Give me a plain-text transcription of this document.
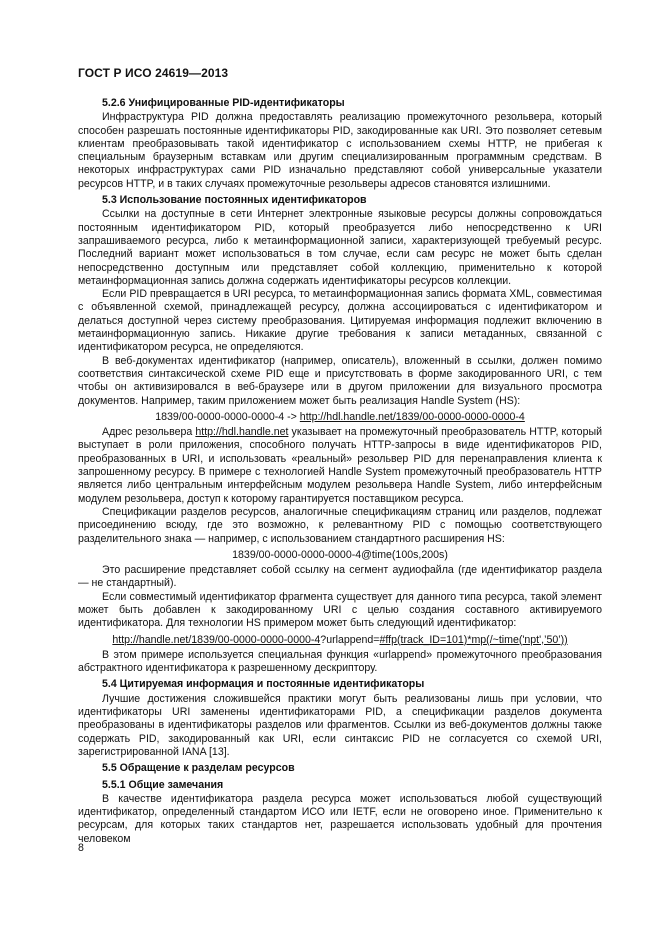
ГОСТ Р ИСО 24619—2013
5.2.6 Унифицированные PID-идентификаторы

Инфраструктура PID должна предоставлять реализацию промежуточного резольвера, который способен разрешать постоянные идентификаторы PID, закодированные как URI. Это позволяет сетевым клиентам преобразовывать такой идентификатор с использованием схемы HTTP, не прибегая к специальным браузерным вставкам или другим специализированным программным средствам. В некоторых инфраструктурах сами PID изначально представляют собой универсальные указатели ресурсов HTTP, и в таких случаях промежуточные резольверы адресов становятся излишними.

5.3 Использование постоянных идентификаторов

Ссылки на доступные в сети Интернет электронные языковые ресурсы должны сопровождаться постоянным идентификатором PID, который преобразуется либо непосредственно к URI запрашиваемого ресурса, либо к метаинформационной записи, характеризующей требуемый ресурс. Последний вариант может использоваться в том случае, если сам ресурс не может быть сделан непосредственно доступным или представляет собой коллекцию, применительно к которой метаинформационная запись должна содержать идентификаторы ресурсов коллекции.

Если PID превращается в URI ресурса, то метаинформационная запись формата XML, совместимая с объявленной схемой, принадлежащей ресурсу, должна ассоциироваться с идентификатором и делаться доступной через систему преобразования. Цитируемая информация подлежит включению в метаинформационную запись. Никакие другие требования к записи метаданных, связанной с идентификатором ресурса, не определяются.

В веб-документах идентификатор (например, описатель), вложенный в ссылки, должен помимо соответствия синтаксической схеме PID еще и присутствовать в форме закодированного URI, с тем чтобы он активизировался в веб-браузере или в другом приложении для визуального просмотра документов. Например, таким приложением может быть реализация Handle System (HS):

1839/00-0000-0000-0000-4 -> http://hdl.handle.net/1839/00-0000-0000-0000-4

Адрес резольвера http://hdl.handle.net указывает на промежуточный преобразователь HTTP, который выступает в роли приложения, способного получать HTTP-запросы в виде идентификаторов PID, преобразованных в URI, и использовать «реальный» резольвер PID для перенаправления клиента к запрошенному ресурсу. В примере с технологией Handle System промежуточный преобразователь HTTP является либо центральным интерфейсным модулем резольвера Handle System, либо интерфейсным модулем резольвера, доступ к которому гарантируется поставщиком ресурса.

Спецификации разделов ресурсов, аналогичные спецификациям страниц или разделов, подлежат присоединению всюду, где это возможно, к релевантному PID с помощью соответствующего разделительного знака — например, с использованием стандартного расширения HS:

1839/00-0000-0000-0000-4@time(100s,200s)

Это расширение представляет собой ссылку на сегмент аудиофайла (где идентификатор раздела — не стандартный).

Если совместимый идентификатор фрагмента существует для данного типа ресурса, такой элемент может быть добавлен к закодированному URI с целью создания составного активируемого идентификатора. Для технологии HS примером может быть следующий идентификатор:

http://handle.net/1839/00-0000-0000-0000-4?urlappend=#ffp(track_ID=101)*mp(/~time('npt',’50’))

В этом примере используется специальная функция «urlappend» промежуточного преобразования абстрактного идентификатора к разрешенному дескриптору.

5.4 Цитируемая информация и постоянные идентификаторы

Лучшие достижения сложившейся практики могут быть реализованы лишь при условии, что идентификаторы URI заменены идентификаторами PID, а спецификации разделов документа преобразованы в идентификаторы разделов или фрагментов. Ссылки из веб-документов должны также содержать PID, закодированный как URI, если синтаксис PID не согласуется со схемой URI, зарегистрированной IANA [13].

5.5 Обращение к разделам ресурсов
5.5.1 Общие замечания

В качестве идентификатора раздела ресурса может использоваться любой существующий идентификатор, определенный стандартом ИСО или IETF, если не оговорено иное. Применительно к ресурсам, для которых таких стандартов нет, разрешается использовать удобный для прочтения человеком

8
